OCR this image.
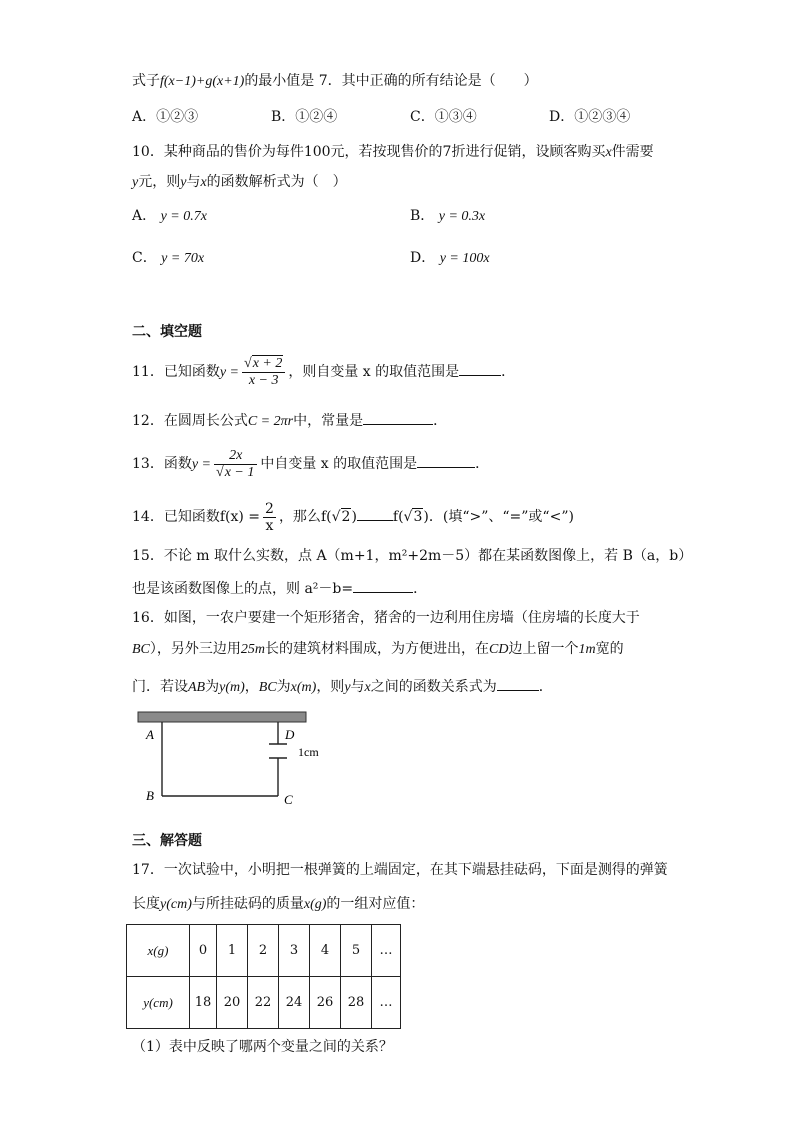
式子f(x−1)+g(x+1)的最小值是 7．其中正确的所有结论是（　　）
A．①②③	B．①②④	C．①③④	D．①②③④
10．某种商品的售价为每件100元，若按现售价的7折进行促销，设顾客购买x件需要
y元，则y与x的函数解析式为（　）
A． y = 0.7x	B． y = 0.3x
C． y = 70x	D． y = 100x
二、填空题
11．已知函数$y = \frac{√x + 2}{x - 3}$ ，则自变量 x 的取值范围是	．
12．在圆周长公式C = 2πr中，常量是	．
13．函数$y = \frac{2x}{√x - 1}$ 中自变量 x 的取值范围是	．
14．已知函数$f(x) = \frac{2}{x}$ ，那么f(√2)	f(√3)．(填“>”、“=”或“<”)
15．不论 m 取什么实数，点 A（m+1，m²+2m－5）都在某函数图像上，若 B（a，b）
也是该函数图像上的点，则 a²－b=	．
16．如图，一农户要建一个矩形猪舍，猪舍的一边利用住房墙（住房墙的长度大于
BC），另外三边用25m长的建筑材料围成，为方便进出，在CD边上留一个1m宽的
门．若设AB为y(m)，BC为x(m)，则y与x之间的函数关系式为	．
A
B	C
D
1cm
三、解答题
17．一次试验中，小明把一根弹簧的上端固定，在其下端悬挂砝码，下面是测得的弹簧
长度y(cm)与所挂砝码的质量x(g)的一组对应值：
x(g)	0	1	2	3	4	5	…
y(cm)	18	20	22	24	26	28	…
（1）表中反映了哪两个变量之间的关系？
